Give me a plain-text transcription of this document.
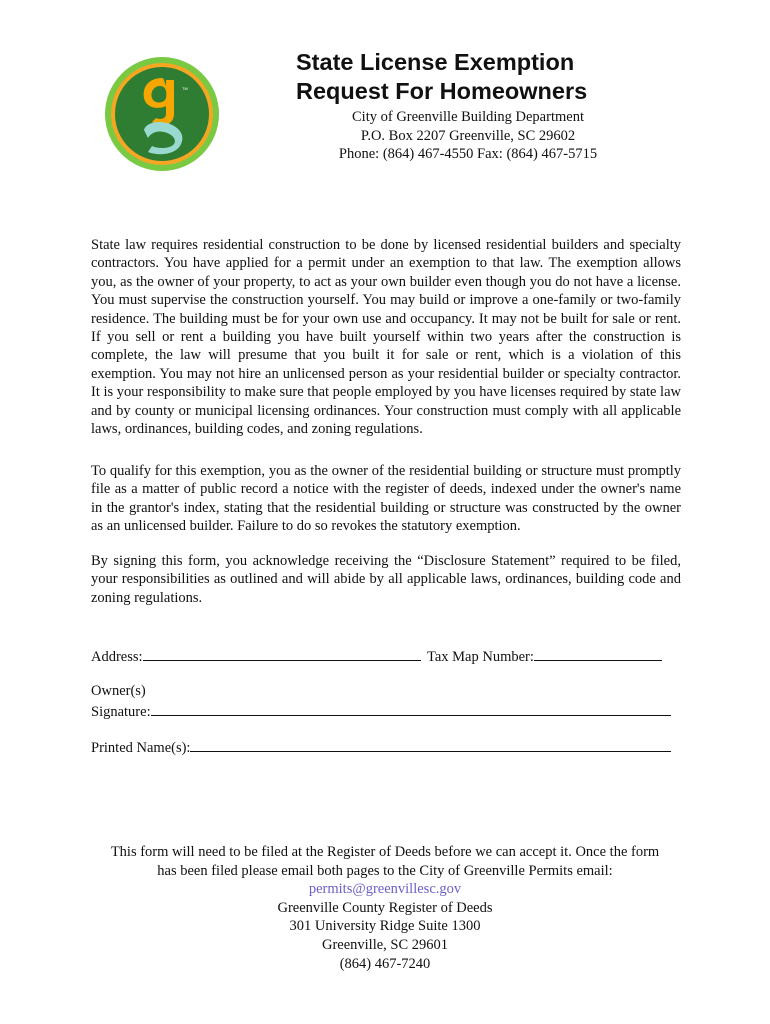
TM
State License Exemption
Request For Homeowners
City of Greenville Building Department
P.O. Box 2207 Greenville, SC 29602
Phone: (864) 467-4550 Fax: (864) 467-5715

State law requires residential construction to be done by licensed residential builders and specialty contractors. You have applied for a permit under an exemption to that law. The exemption allows you, as the owner of your property, to act as your own builder even though you do not have a license. You must supervise the construction yourself. You may build or improve a one-family or two-family residence. The building must be for your own use and occupancy. It may not be built for sale or rent. If you sell or rent a building you have built yourself within two years after the construction is complete, the law will presume that you built it for sale or rent, which is a violation of this exemption. You may not hire an unlicensed person as your residential builder or specialty contractor. It is your responsibility to make sure that people employed by you have licenses required by state law and by county or municipal licensing ordinances. Your construction must comply with all applicable laws, ordinances, building codes, and zoning regulations.

To qualify for this exemption, you as the owner of the residential building or structure must promptly file as a matter of public record a notice with the register of deeds, indexed under the owner's name in the grantor's index, stating that the residential building or structure was constructed by the owner as an unlicensed builder. Failure to do so revokes the statutory exemption.

By signing this form, you acknowledge receiving the “Disclosure Statement” required to be filed, your responsibilities as outlined and will abide by all applicable laws, ordinances, building code and zoning regulations.

Address:	Tax Map Number:
Owner(s)
Signature:
Printed Name(s):
This form will need to be filed at the Register of Deeds before we can accept it. Once the form
has been filed please email both pages to the City of Greenville Permits email:
permits@greenvillesc.gov
Greenville County Register of Deeds
301 University Ridge Suite 1300
Greenville, SC 29601
(864) 467-7240
